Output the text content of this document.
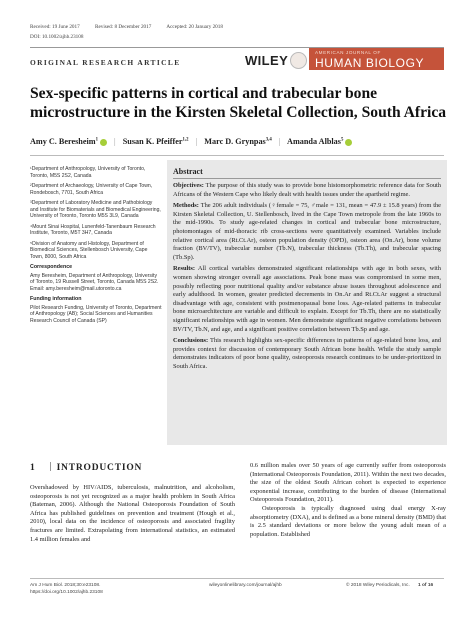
Received: 19 June 2017	Revised: 8 December 2017	Accepted: 20 January 2018
DOI: 10.1002/ajhb.23108
ORIGINAL RESEARCH ARTICLE	WILEY
AMERICAN JOURNAL OF
HUMAN BIOLOGY
Sex-specific patterns in cortical and trabecular bone microstructure in the Kirsten Skeletal Collection, South Africa
Amy C. Beresheim$^1$ | Susan K. Pfeiffer$^{1,2}$ | Marc D. Grynpas$^{3,4}$ | Amanda Alblas$^5$

¹Department of Anthropology, University of Toronto, Toronto, M5S 2S2, Canada

²Department of Archaeology, University of Cape Town, Rondebosch, 7701, South Africa

³Department of Laboratory Medicine and Pathobiology and Institute for Biomaterials and Biomedical Engineering, University of Toronto, Toronto M5S 3L9, Canada

⁴Mount Sinai Hospital, Lunenfeld-Tanenbaum Research Institute, Toronto, M5T 3H7, Canada

⁵Division of Anatomy and Histology, Department of Biomedical Sciences, Stellenbosch University, Cape Town, 8000, South Africa

Correspondence

Amy Beresheim, Department of Anthropology, University of Toronto, 19 Russell Street, Toronto, Canada M5S 2S2.

Email: amy.beresheim@mail.utoronto.ca

Funding information

Pilot Research Funding, University of Toronto, Department of Anthropology (AB); Social Sciences and Humanities Research Council of Canada (SP)

Abstract

Objectives: The purpose of this study was to provide bone histomorphometric reference data for South Africans of the Western Cape who likely dealt with health issues under the apartheid regime.

Methods: The 206 adult individuals (♀female = 75, ♂male = 131, mean = 47.9 ± 15.8 years) from the Kirsten Skeletal Collection, U. Stellenbosch, lived in the Cape Town metropole from the late 1960s to the mid-1990s. To study age-related changes in cortical and trabecular bone microstructure, photomontages of mid-thoracic rib cross-sections were quantitatively examined. Variables include relative cortical area (Rt.Ct.Ar), osteon population density (OPD), osteon area (On.Ar), bone volume fraction (BV/TV), trabecular number (Tb.N), trabecular thickness (Tb.Th), and trabecular spacing (Tb.Sp).

Results: All cortical variables demonstrated significant relationships with age in both sexes, with women showing stronger overall age associations. Peak bone mass was compromised in some men, possibly reflecting poor nutritional quality and/or substance abuse issues throughout adolescence and early adulthood. In women, greater predicted decrements in On.Ar and Rt.Ct.Ar suggest a structural disadvantage with age, consistent with postmenopausal bone loss. Age-related patterns in trabecular bone microarchitecture are variable and difficult to explain. Except for Tb.Th, there are no statistically significant relationships with age in women. Men demonstrate significant negative correlations between BV/TV, Tb.N, and age, and a significant positive correlation between Tb.Sp and age.

Conclusions: This research highlights sex-specific differences in patterns of age-related bone loss, and provides context for discussion of contemporary South African bone health. While the study sample demonstrates indicators of poor bone quality, osteoporosis research continues to be under-prioritized in South Africa.

1 INTRODUCTION

Overshadowed by HIV/AIDS, tuberculosis, malnutrition, and alcoholism, osteoporosis is not yet recognized as a major health problem in South Africa (Bateman, 2006). Although the National Osteoporosis Foundation of South Africa has published guidelines on prevention and treatment (Hough et al., 2010), local data on the incidence of osteoporosis and associated fragility fractures are limited. Extrapolating from international statistics, an estimated 1.4 million females and

0.6 million males over 50 years of age currently suffer from osteoporosis (International Osteoporosis Foundation, 2011). Within the next two decades, the size of the oldest South African cohort is expected to experience exponential increase, contributing to the burden of disease (International Osteoporosis Foundation, 2011).

Osteoporosis is typically diagnosed using dual energy X-ray absorptiometry (DXA), and is defined as a bone mineral density (BMD) that is 2.5 standard deviations or more below the young adult mean of a population. Established

Am J Hum Biol. 2018;30:e23108.
https://doi.org/10.1002/ajhb.23108
wileyonlinelibrary.com/journal/ajhb	© 2018 Wiley Periodicals, Inc. 1 of 16
